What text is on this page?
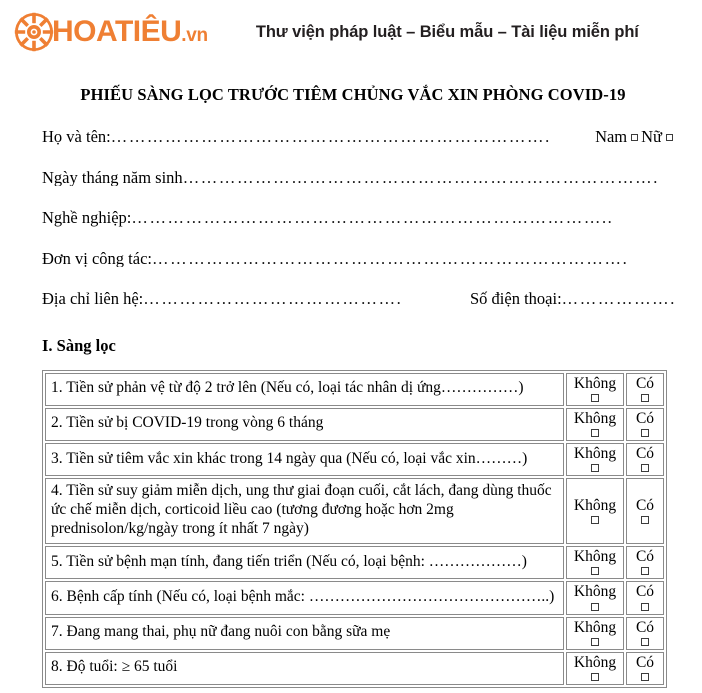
HOATIÊU.vn	Thư viện pháp luật – Biểu mẫu – Tài liệu miễn phí
PHIẾU SÀNG LỌC TRƯỚC TIÊM CHỦNG VẮC XIN PHÒNG COVID-19
Họ và tên: ……………………………………………………………….	Nam Nữ
Ngày tháng năm sinh …………………………………………………………………….
Nghề nghiệp: ……………………………………………………………………..
Đơn vị công tác: …………………………………………………………………….
Địa chỉ liên hệ: …………………………………….	Số điện thoại: ……………….
I. Sàng lọc
1. Tiền sử phản vệ từ độ 2 trở lên (Nếu có, loại tác nhân dị ứng……………)	Không	Có

2. Tiền sử bị COVID-19 trong vòng 6 tháng	Không	Có

3. Tiền sử tiêm vắc xin khác trong 14 ngày qua (Nếu có, loại vắc xin………)	Không	Có

4. Tiền sử suy giảm miễn dịch, ung thư giai đoạn cuối, cắt lách, đang dùng thuốc
ức chế miễn dịch, corticoid liều cao (tương đương hoặc hơn 2mg
prednisolon/kg/ngày trong ít nhất 7 ngày)	Không	Có

5. Tiền sử bệnh mạn tính, đang tiến triển (Nếu có, loại bệnh: ………………)	Không	Có

6. Bệnh cấp tính (Nếu có, loại bệnh mắc: ………………………………………..)	Không	Có

7. Đang mang thai, phụ nữ đang nuôi con bằng sữa mẹ	Không	Có

8. Độ tuổi: ≥ 65 tuổi	Không	Có
